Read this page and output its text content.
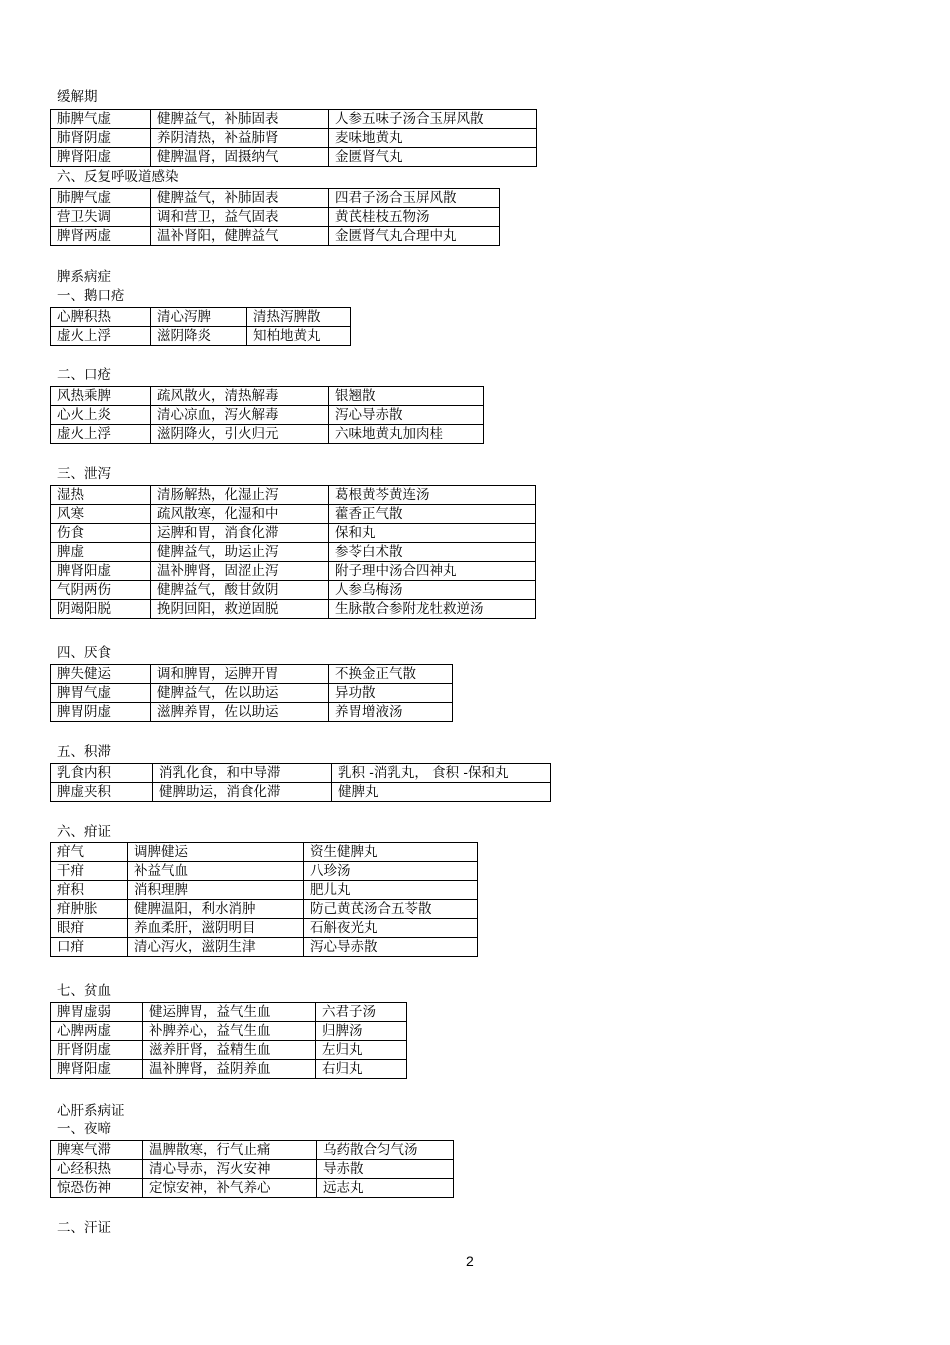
缓解期
肺脾气虚	健脾益气，补肺固表	人参五味子汤合玉屏风散
肺肾阴虚	养阴清热，补益肺肾	麦味地黄丸
脾肾阳虚	健脾温肾，固摄纳气	金匮肾气丸
六、反复呼吸道感染
肺脾气虚	健脾益气，补肺固表	四君子汤合玉屏风散
营卫失调	调和营卫，益气固表	黄芪桂枝五物汤
脾肾两虚	温补肾阳，健脾益气	金匮肾气丸合理中丸
脾系病症
一、鹅口疮
心脾积热	清心泻脾	清热泻脾散
虚火上浮	滋阴降炎	知柏地黄丸
二、口疮
风热乘脾	疏风散火，清热解毒	银翘散
心火上炎	清心凉血，泻火解毒	泻心导赤散
虚火上浮	滋阴降火，引火归元	六味地黄丸加肉桂
三、泄泻
湿热	清肠解热，化湿止泻	葛根黄芩黄连汤
风寒	疏风散寒，化湿和中	藿香正气散
伤食	运脾和胃，消食化滞	保和丸
脾虚	健脾益气，助运止泻	参苓白术散
脾肾阳虚	温补脾肾，固涩止泻	附子理中汤合四神丸
气阴两伤	健脾益气，酸甘敛阴	人参乌梅汤
阴竭阳脱	挽阴回阳，救逆固脱	生脉散合参附龙牡救逆汤
四、厌食
脾失健运	调和脾胃，运脾开胃	不换金正气散
脾胃气虚	健脾益气，佐以助运	异功散
脾胃阴虚	滋脾养胃，佐以助运	养胃增液汤
五、积滞
乳食内积	消乳化食，和中导滞	乳积 -消乳丸， 食积 -保和丸
脾虚夹积	健脾助运，消食化滞	健脾丸
六、疳证
疳气	调脾健运	资生健脾丸
干疳	补益气血	八珍汤
疳积	消积理脾	肥儿丸
疳肿胀	健脾温阳，利水消肿	防己黄芪汤合五苓散
眼疳	养血柔肝，滋阴明目	石斛夜光丸
口疳	清心泻火，滋阴生津	泻心导赤散
七、贫血
脾胃虚弱	健运脾胃，益气生血	六君子汤
心脾两虚	补脾养心，益气生血	归脾汤
肝肾阴虚	滋养肝肾，益精生血	左归丸
脾肾阳虚	温补脾肾，益阴养血	右归丸
心肝系病证
一、夜啼
脾寒气滞	温脾散寒，行气止痛	乌药散合匀气汤
心经积热	清心导赤，泻火安神	导赤散
惊恐伤神	定惊安神，补气养心	远志丸
二、汗证
2
